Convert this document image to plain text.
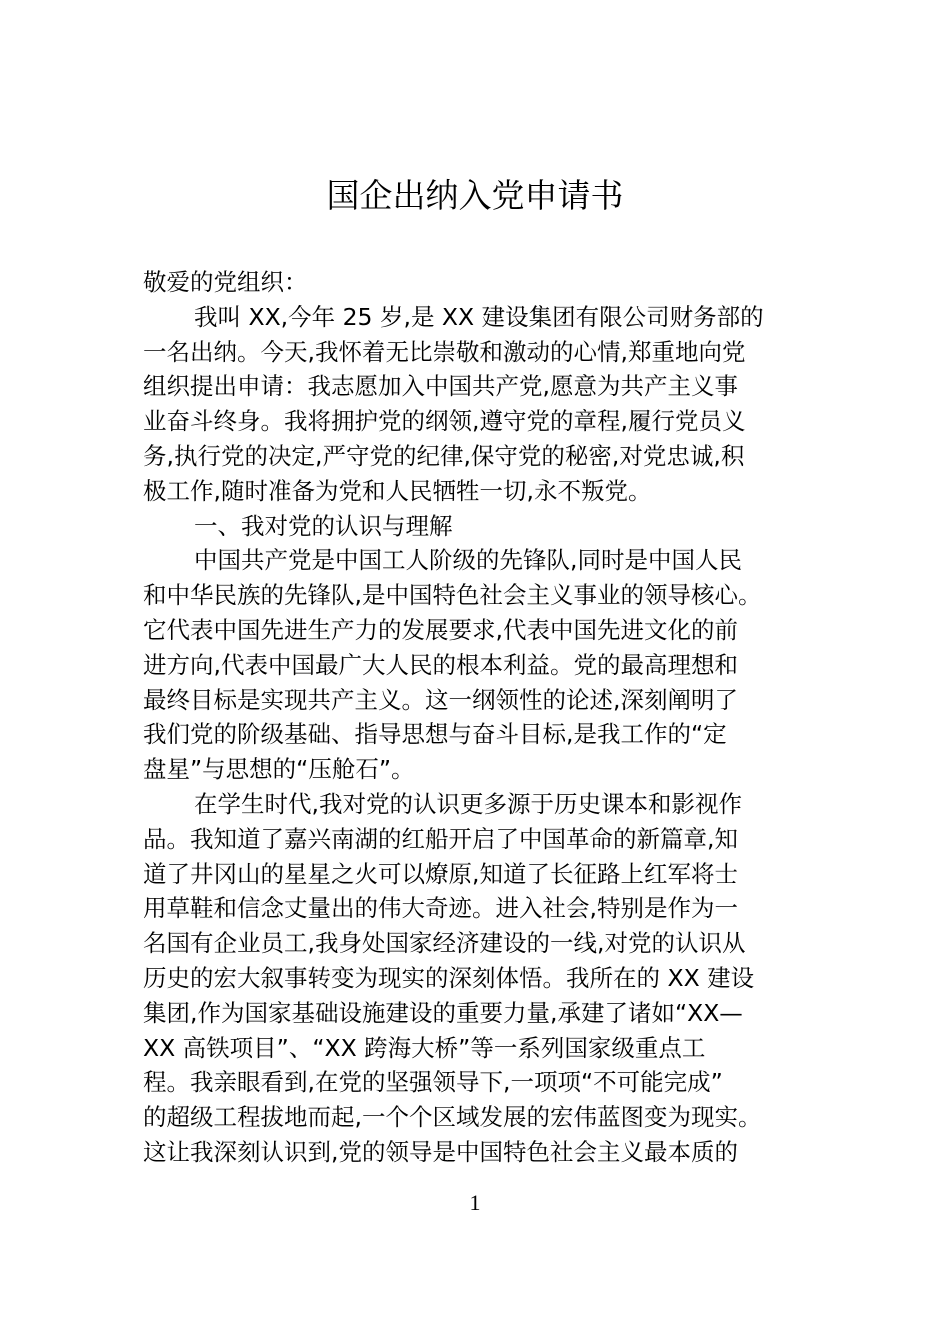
国企出纳入党申请书
敬爱的党组织：
我叫 XX,今年 25 岁,是 XX 建设集团有限公司财务部的
一名出纳。今天,我怀着无比崇敬和激动的心情,郑重地向党
组织提出申请：我志愿加入中国共产党,愿意为共产主义事
业奋斗终身。我将拥护党的纲领,遵守党的章程,履行党员义
务,执行党的决定,严守党的纪律,保守党的秘密,对党忠诚,积
极工作,随时准备为党和人民牺牲一切,永不叛党。
一、我对党的认识与理解
中国共产党是中国工人阶级的先锋队,同时是中国人民
和中华民族的先锋队,是中国特色社会主义事业的领导核心。
它代表中国先进生产力的发展要求,代表中国先进文化的前
进方向,代表中国最广大人民的根本利益。党的最高理想和
最终目标是实现共产主义。这一纲领性的论述,深刻阐明了
我们党的阶级基础、指导思想与奋斗目标,是我工作的“定
盘星”与思想的“压舱石”。
在学生时代,我对党的认识更多源于历史课本和影视作
品。我知道了嘉兴南湖的红船开启了中国革命的新篇章,知
道了井冈山的星星之火可以燎原,知道了长征路上红军将士
用草鞋和信念丈量出的伟大奇迹。进入社会,特别是作为一
名国有企业员工,我身处国家经济建设的一线,对党的认识从
历史的宏大叙事转变为现实的深刻体悟。我所在的 XX 建设
集团,作为国家基础设施建设的重要力量,承建了诸如“XX—
XX 高铁项目”、“XX 跨海大桥”等一系列国家级重点工
程。我亲眼看到,在党的坚强领导下,一项项“不可能完成”
的超级工程拔地而起,一个个区域发展的宏伟蓝图变为现实。
这让我深刻认识到,党的领导是中国特色社会主义最本质的
1
